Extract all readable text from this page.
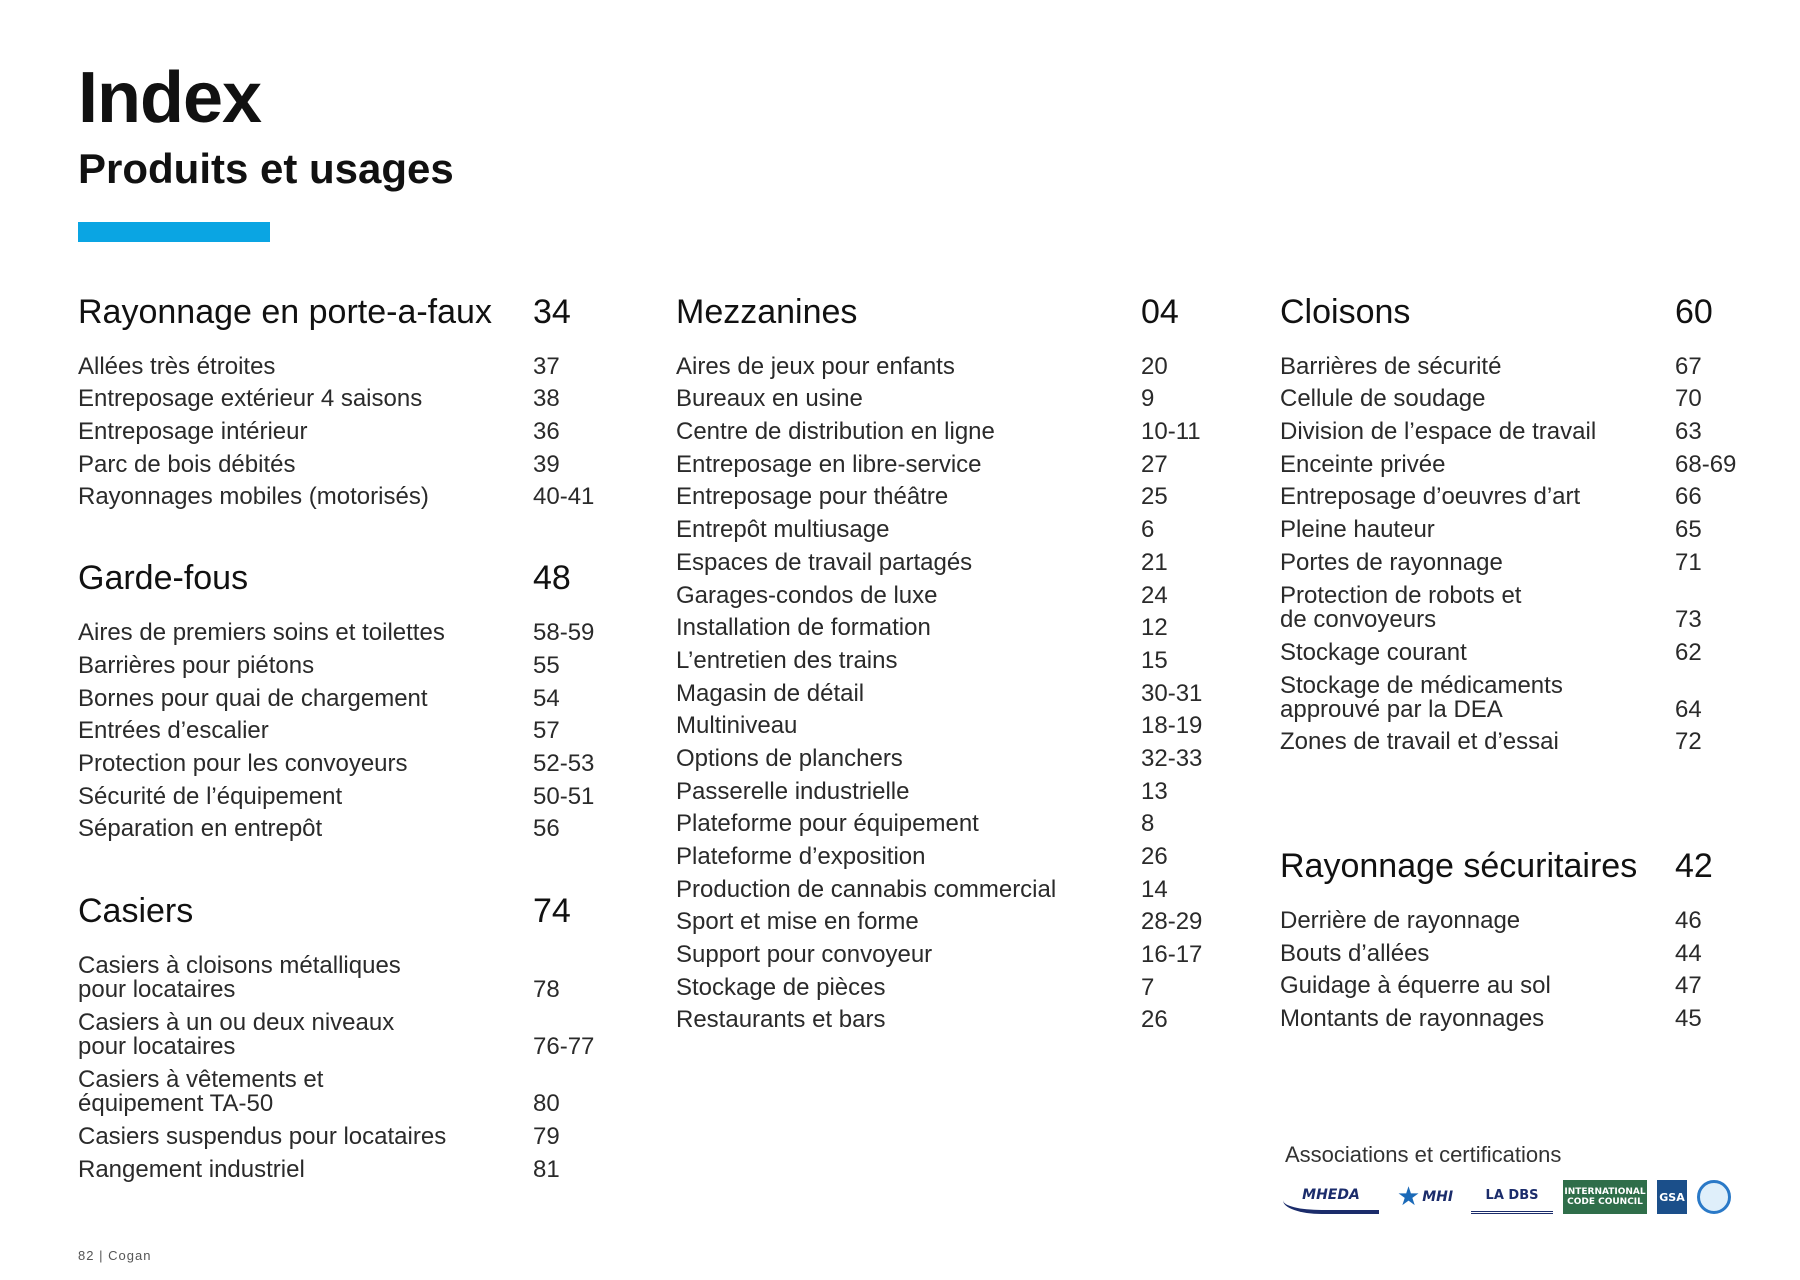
Index
Produits et usages
Rayonnage en porte-a-faux 34
Allées très étroites	37
Entreposage extérieur 4 saisons	38
Entreposage intérieur	36
Parc de bois débités	39
Rayonnages mobiles (motorisés)	40-41
Garde-fous	48
Aires de premiers soins et toilettes	58-59
Barrières pour piétons	55
Bornes pour quai de chargement	54
Entrées d’escalier	57
Protection pour les convoyeurs	52-53
Sécurité de l’équipement	50-51
Séparation en entrepôt	56
Casiers	74
Casiers à cloisons métalliques pour locataires	78
Casiers à un ou deux niveaux pour locataires	76-77
Casiers à vêtements et équipement TA-50	80
Casiers suspendus pour locataires	79
Rangement industriel	81
Mezzanines	04
Aires de jeux pour enfants	20
Bureaux en usine	9
Centre de distribution en ligne	10-11
Entreposage en libre-service	27
Entreposage pour théâtre	25
Entrepôt multiusage	6
Espaces de travail partagés	21
Garages-condos de luxe	24
Installation de formation	12
L’entretien des trains	15
Magasin de détail	30-31
Multiniveau	18-19
Options de planchers	32-33
Passerelle industrielle	13
Plateforme pour équipement	8
Plateforme d’exposition	26
Production de cannabis commercial	14
Sport et mise en forme	28-29
Support pour convoyeur	16-17
Stockage de pièces	7
Restaurants et bars	26
Cloisons	60
Barrières de sécurité	67
Cellule de soudage	70
Division de l’espace de travail	63
Enceinte privée	68-69
Entreposage d’oeuvres d’art	66
Pleine hauteur	65
Portes de rayonnage	71
Protection de robots et de convoyeurs	73
Stockage courant	62
Stockage de médicaments approuvé par la DEA	64
Zones de travail et d’essai	72
Rayonnage sécuritaires 42
Derrière de rayonnage	46
Bouts d’allées	44
Guidage à équerre au sol	47
Montants de rayonnages	45
Associations et certifications
MHEDA ★ MHI LA DBS	INTERNATIONAL CODE COUNCIL GSA
82 | Cogan
